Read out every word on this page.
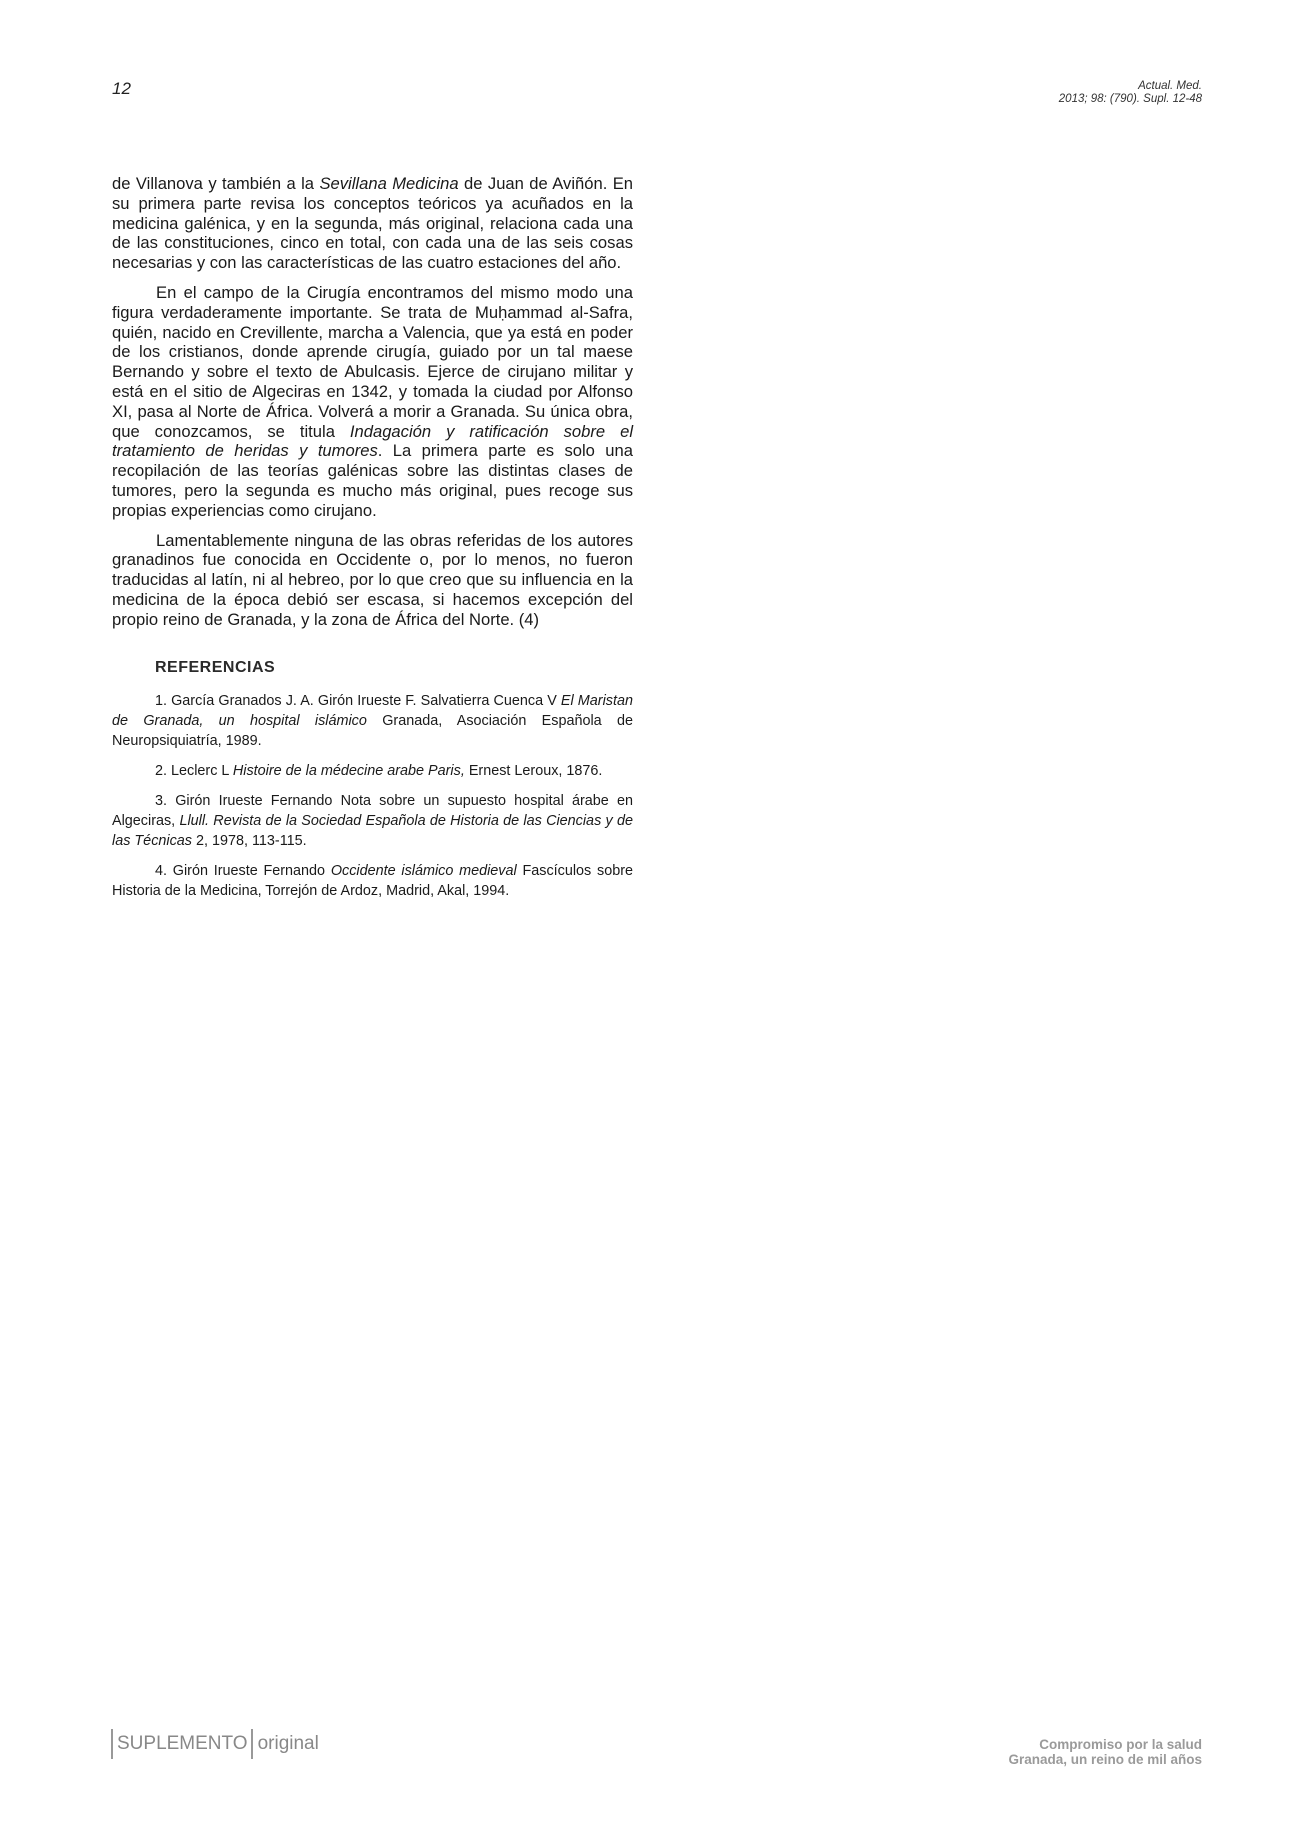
12	Actual. Med.
2013; 98: (790). Supl. 12-48

de Villanova y también a la Sevillana Medicina de Juan de Aviñón. En su primera parte revisa los conceptos teóricos ya acuñados en la medicina galénica, y en la segunda, más original, relaciona cada una de las constituciones, cinco en total, con cada una de las seis cosas necesarias y con las características de las cuatro estaciones del año.

En el campo de la Cirugía encontramos del mismo modo una figura verdaderamente importante. Se trata de Muḥammad al-Safra, quién, nacido en Crevillente, marcha a Valencia, que ya está en poder de los cristianos, donde aprende cirugía, guiado por un tal maese Bernando y sobre el texto de Abulcasis. Ejerce de cirujano militar y está en el sitio de Algeciras en 1342, y tomada la ciudad por Alfonso XI, pasa al Norte de África. Volverá a morir a Granada. Su única obra, que conozcamos, se titula Indagación y ratificación sobre el tratamiento de heridas y tumores. La primera parte es solo una recopilación de las teorías galénicas sobre las distintas clases de tumores, pero la segunda es mucho más original, pues recoge sus propias experiencias como cirujano.

Lamentablemente ninguna de las obras referidas de los autores granadinos fue conocida en Occidente o, por lo menos, no fueron traducidas al latín, ni al hebreo, por lo que creo que su influencia en la medicina de la época debió ser escasa, si hacemos excepción del propio reino de Granada, y la zona de África del Norte. (4)

REFERENCIAS

1. García Granados J. A. Girón Irueste F. Salvatierra Cuenca V El Maristan de Granada, un hospital islámico Granada, Asociación Española de Neuropsiquiatría, 1989.

2. Leclerc L Histoire de la médecine arabe Paris, Ernest Leroux, 1876.

3. Girón Irueste Fernando Nota sobre un supuesto hospital árabe en Algeciras, Llull. Revista de la Sociedad Española de Historia de las Ciencias y de las Técnicas 2, 1978, 113-115.

4. Girón Irueste Fernando Occidente islámico medieval Fascículos sobre Historia de la Medicina, Torrejón de Ardoz, Madrid, Akal, 1994.

SUPLEMENTO original	Compromiso por la salud
Granada, un reino de mil años
